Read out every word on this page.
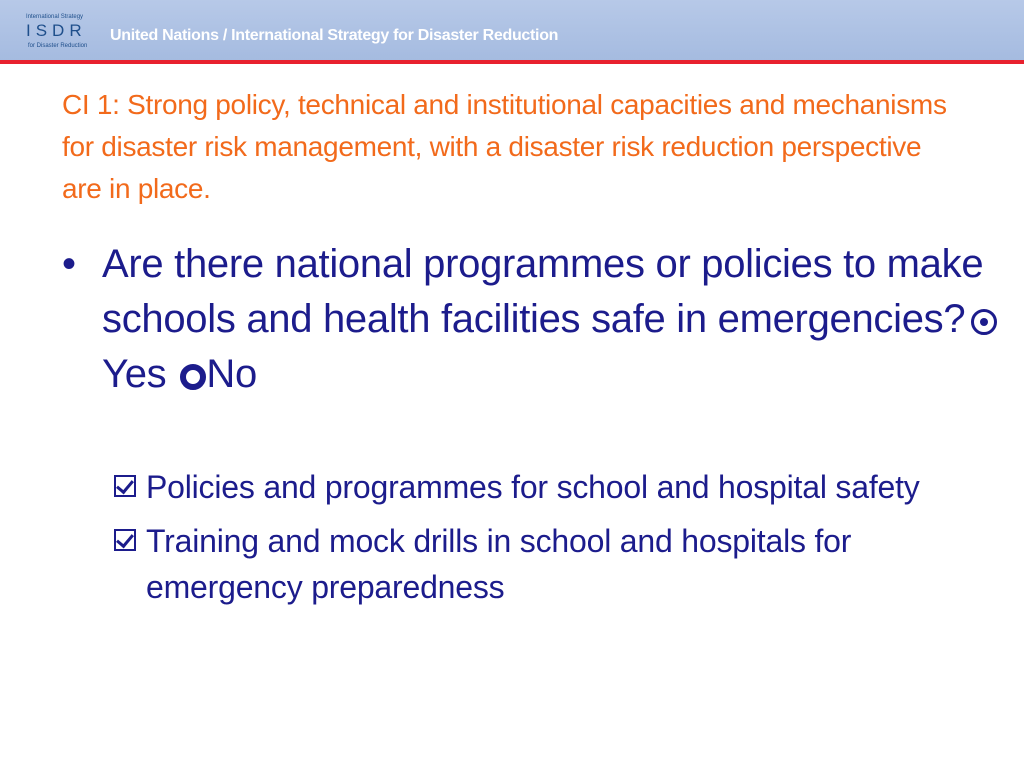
International Strategy
ISDR
for Disaster Reduction
United Nations / International Strategy for Disaster Reduction
CI 1: Strong policy, technical and institutional capacities and mechanisms for disaster risk management, with a disaster risk reduction perspective are in place.
• Are there national programmes or policies to make schools and health facilities safe in emergencies?Yes No
Policies and programmes for school and hospital safety
Training and mock drills in school and hospitals for emergency preparedness
